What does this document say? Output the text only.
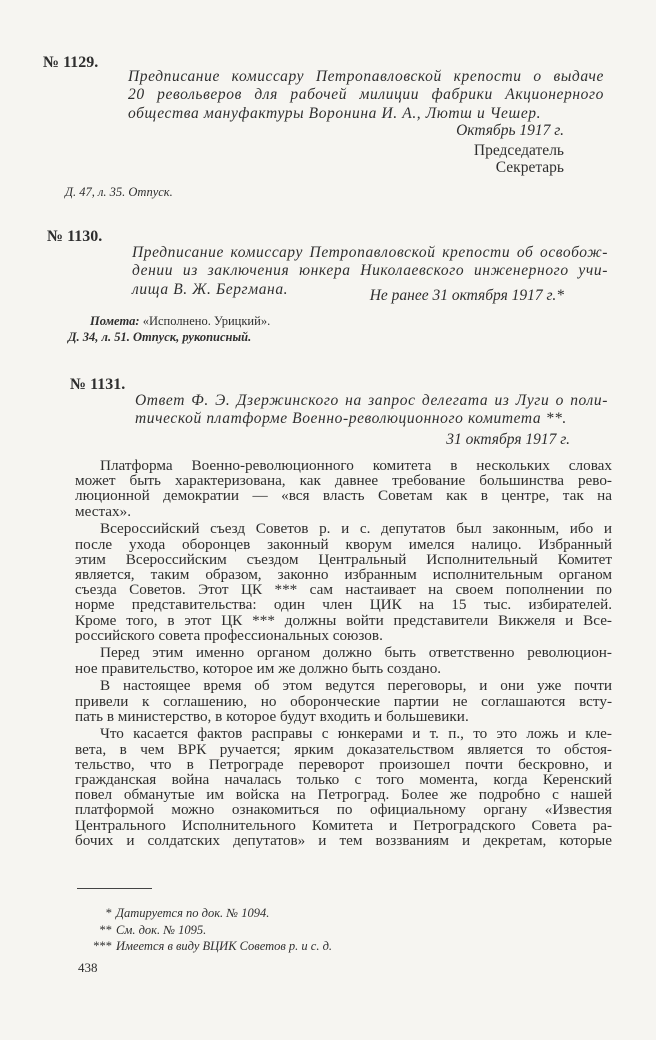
№ 1129.
Предписание комиссару Петропавловской крепости о выдаче
20 револьверов для рабочей милиции фабрики Акционерного
общества мануфактуры Воронина И. А., Лютш и Чешер.
Октябрь 1917 г.
Председатель
Секретарь
Д. 47, л. 35. Отпуск.
№ 1130.
Предписание комиссару Петропавловской крепости об освобож-
дении из заключения юнкера Николаевского инженерного учи-
лища В. Ж. Бергмана.	Не ранее 31 октября 1917 г.*
Помета: «Исполнено. Урицкий».
Д. 34, л. 51. Отпуск, рукописный.
№ 1131.
Ответ Ф. Э. Дзержинского на запрос делегата из Луги о поли-
тической платформе Военно-революционного комитета **.
31 октября 1917 г.
Платформа Военно-революционного комитета в нескольких словах
может быть характеризована, как давнее требование большинства рево-
люционной демократии — «вся власть Советам как в центре, так на
местах».
Всероссийский съезд Советов р. и с. депутатов был законным, ибо и
после ухода оборонцев законный кворум имелся налицо. Избранный
этим Всероссийским съездом Центральный Исполнительный Комитет
является, таким образом, законно избранным исполнительным органом
съезда Советов. Этот ЦК *** сам настаивает на своем пополнении по
норме представительства: один член ЦИК на 15 тыс. избирателей.
Кроме того, в этот ЦК *** должны войти представители Викжеля и Все-
российского совета профессиональных союзов.
Перед этим именно органом должно быть ответственно революцион-
ное правительство, которое им же должно быть создано.
В настоящее время об этом ведутся переговоры, и они уже почти
привели к соглашению, но оборонческие партии не соглашаются всту-
пать в министерство, в которое будут входить и большевики.
Что касается фактов расправы с юнкерами и т. п., то это ложь и кле-
вета, в чем ВРК ручается; ярким доказательством является то обстоя-
тельство, что в Петрограде переворот произошел почти бескровно, и
гражданская война началась только с того момента, когда Керенский
повел обманутые им войска на Петроград. Более же подробно с нашей
платформой можно ознакомиться по официальному органу «Известия
Центрального Исполнительного Комитета и Петроградского Совета ра-
бочих и солдатских депутатов» и тем воззваниям и декретам, которые
* Датируется по док. № 1094.
** См. док. № 1095.
*** Имеется в виду ВЦИК Советов р. и с. д.
438
